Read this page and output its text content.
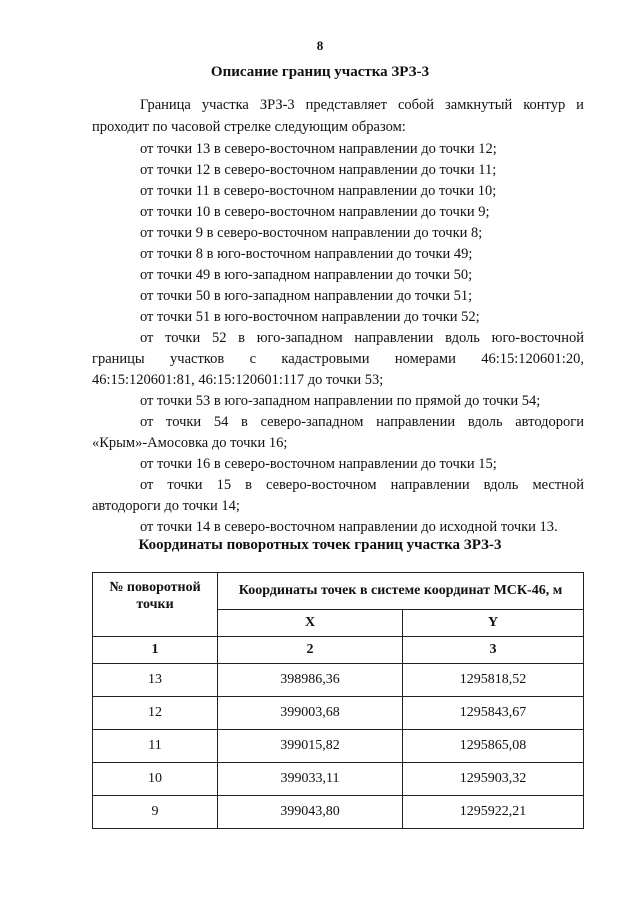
8
Описание границ участка ЗРЗ-3
Граница участка ЗРЗ-3 представляет собой замкнутый контур и
проходит по часовой стрелке следующим образом:
от точки 13 в северо-восточном направлении до точки 12;
от точки 12 в северо-восточном направлении до точки 11;
от точки 11 в северо-восточном направлении до точки 10;
от точки 10 в северо-восточном направлении до точки 9;
от точки 9 в северо-восточном направлении до точки 8;
от точки 8 в юго-восточном направлении до точки 49;
от точки 49 в юго-западном направлении до точки 50;
от точки 50 в юго-западном направлении до точки 51;
от точки 51 в юго-восточном направлении до точки 52;
от точки 52 в юго-западном направлении вдоль юго-восточной
границы участков с кадастровыми номерами 46:15:120601:20,
46:15:120601:81, 46:15:120601:117 до точки 53;
от точки 53 в юго-западном направлении по прямой до точки 54;
от точки 54 в северо-западном направлении вдоль автодороги
«Крым»-Амосовка до точки 16;
от точки 16 в северо-восточном направлении до точки 15;
от точки 15 в северо-восточном направлении вдоль местной
автодороги до точки 14;
от точки 14 в северо-восточном направлении до исходной точки 13.
Координаты поворотных точек границ участка ЗРЗ-3
№ поворотной точки	Координаты точек в системе координат МСК-46, м	
	X	Y
1	2	3
13	398986,36	1295818,52
12	399003,68	1295843,67
11	399015,82	1295865,08
10	399033,11	1295903,32
9	399043,80	1295922,21
